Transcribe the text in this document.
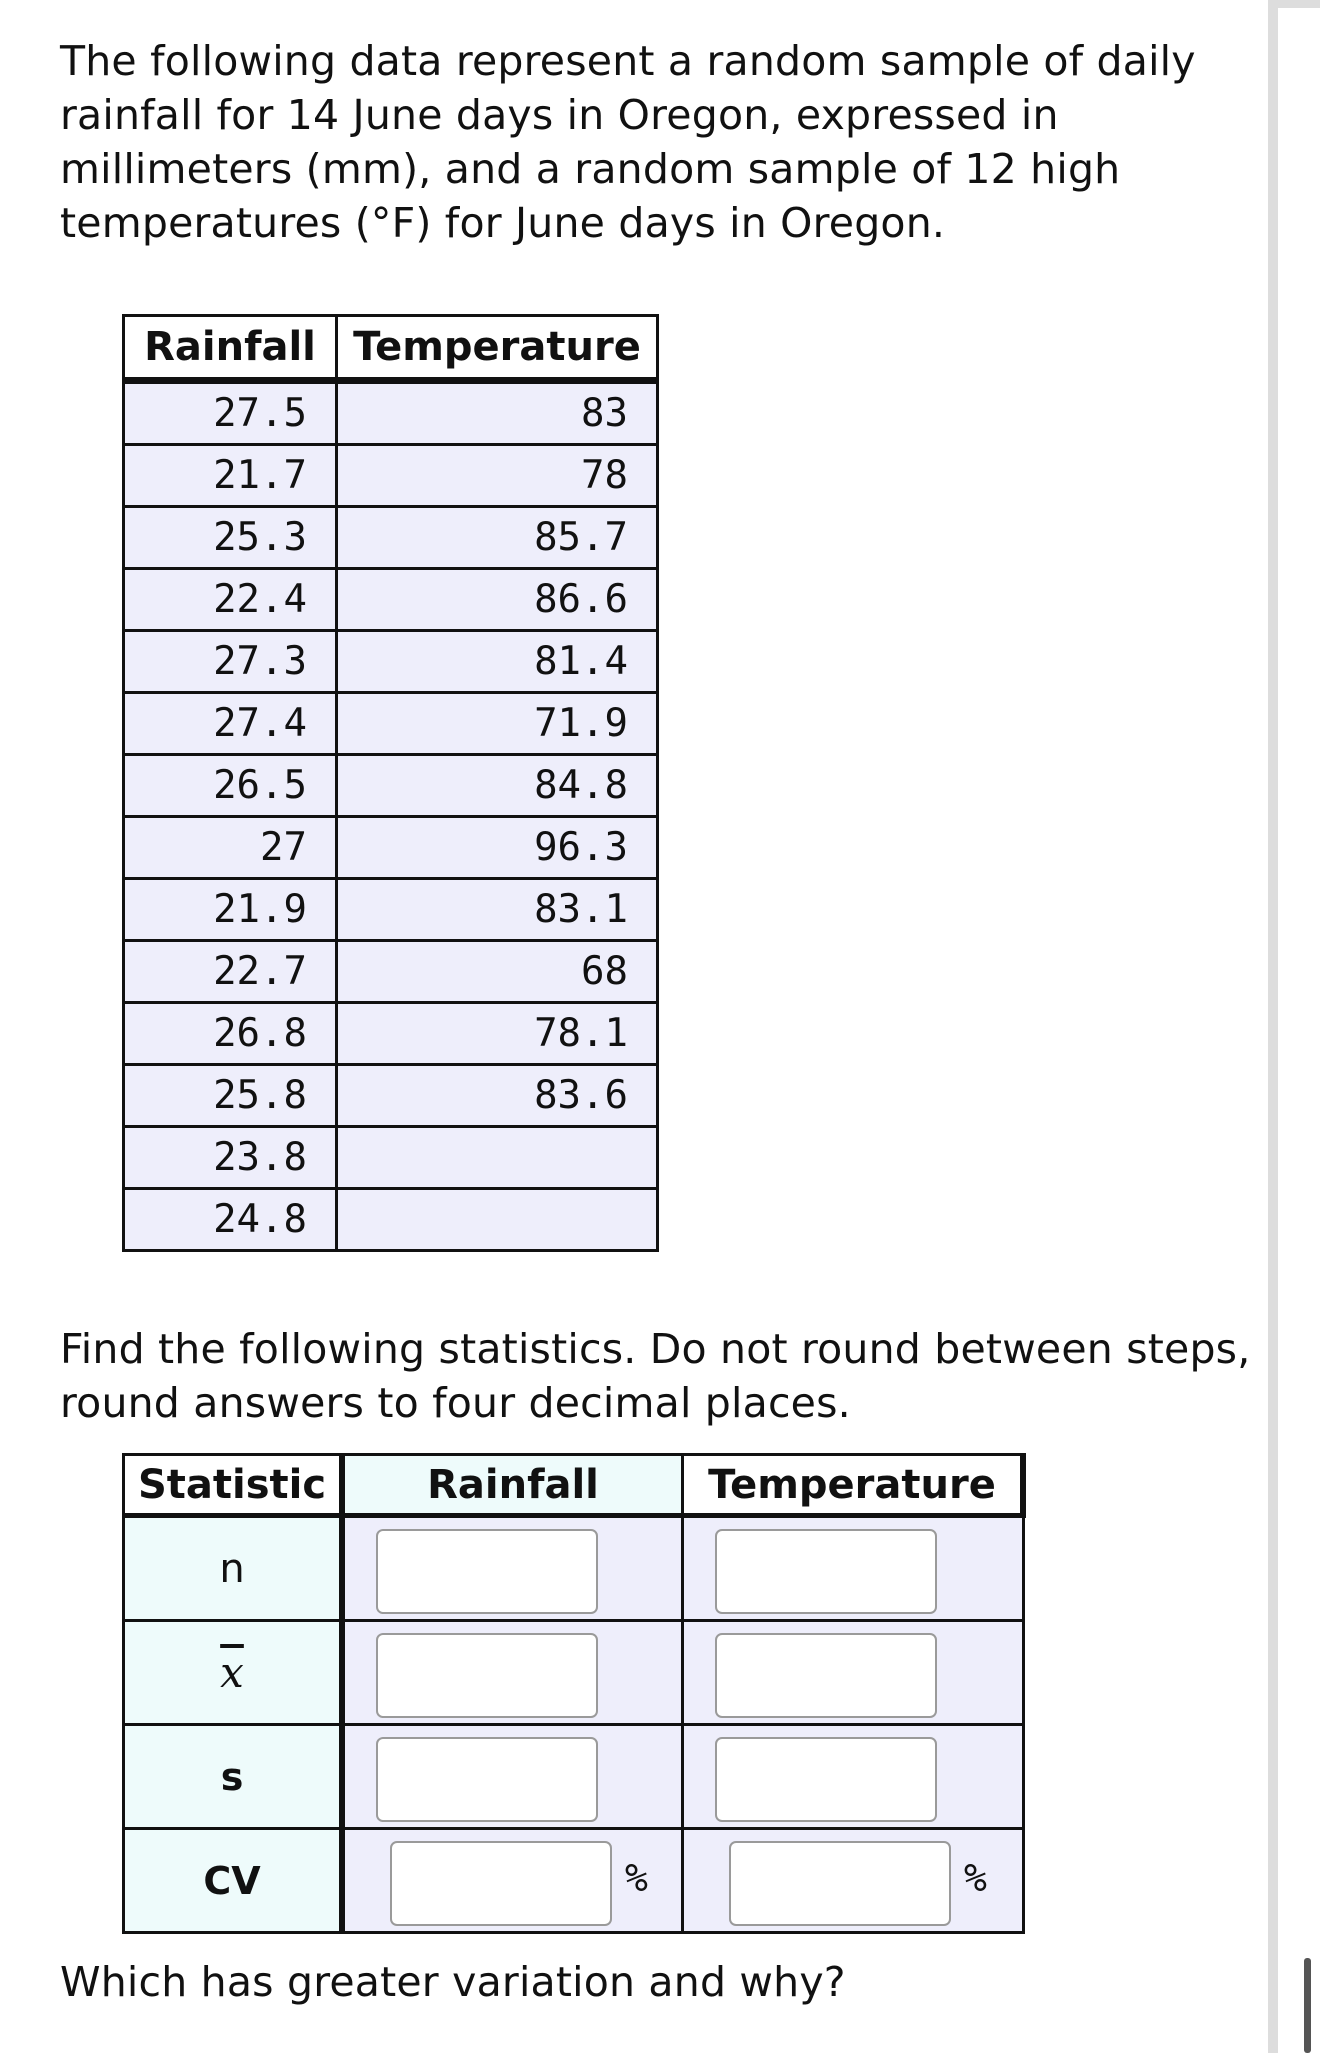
The following data represent a random sample of daily rainfall for 14 June days in Oregon, expressed in millimeters (mm), and a random sample of 12 high temperatures (°F) for June days in Oregon.

Rainfall	Temperature
27.5	83
21.7	78
25.3	85.7
22.4	86.6
27.3	81.4
27.4	71.9
26.5	84.8
27	96.3
21.9	83.1
22.7	68
26.8	78.1
25.8	83.6
23.8	
24.8	

Find the following statistics. Do not round between steps, round answers to four decimal places.

Statistic	Rainfall	Temperature
n	

$\overline{x}$	

s	

CV	%	%

Which has greater variation and why?
